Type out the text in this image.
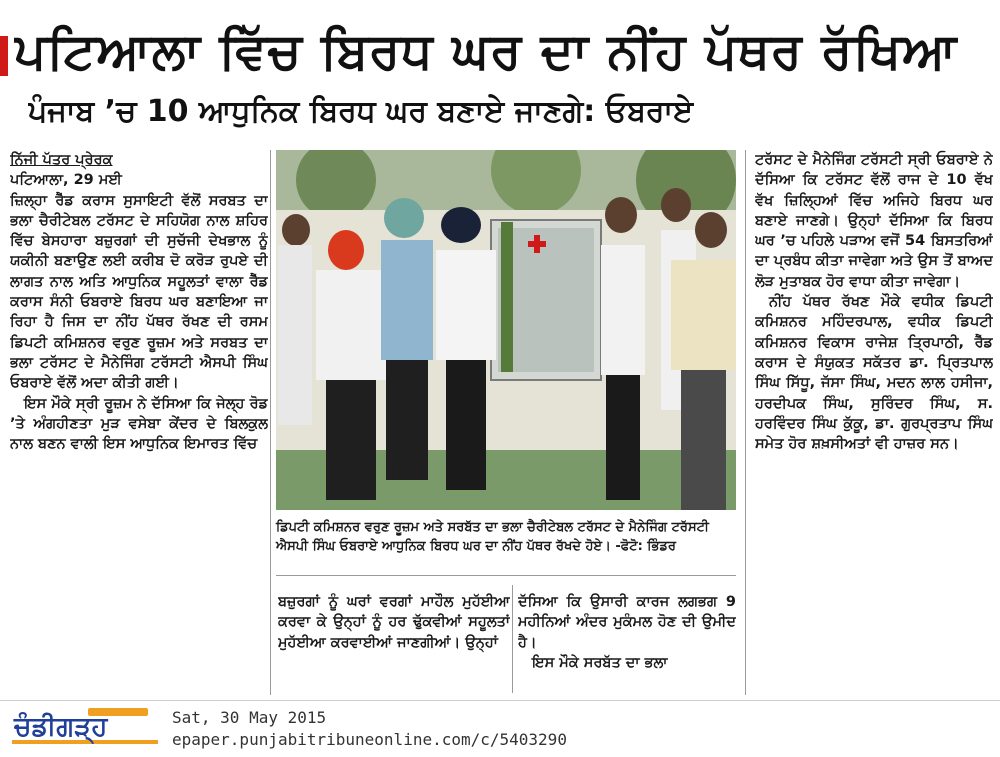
ਪਟਿਆਲਾ ਵਿੱਚ ਬਿਰਧ ਘਰ ਦਾ ਨੀਂਹ ਪੱਥਰ ਰੱਖਿਆ
ਪੰਜਾਬ ’ਚ 10 ਆਧੁਨਿਕ ਬਿਰਧ ਘਰ ਬਣਾਏ ਜਾਣਗੇ: ਓਬਰਾਏ
ਨਿੱਜੀ ਪੱਤਰ ਪ੍ਰੇਰਕ
ਪਟਿਆਲਾ, 29 ਮਈ

ਜ਼ਿਲ੍ਹਾ ਰੈੱਡ ਕਰਾਸ ਸੁਸਾਇਟੀ ਵੱਲੋਂ ਸਰਬਤ ਦਾ ਭਲਾ ਚੈਰੀਟੇਬਲ ਟਰੱਸਟ ਦੇ ਸਹਿਯੋਗ ਨਾਲ ਸ਼ਹਿਰ ਵਿੱਚ ਬੇਸਹਾਰਾ ਬਜ਼ੁਰਗਾਂ ਦੀ ਸੁਚੱਜੀ ਦੇਖਭਾਲ ਨੂੰ ਯਕੀਨੀ ਬਣਾਉਣ ਲਈ ਕਰੀਬ ਦੋ ਕਰੋੜ ਰੁਪਏ ਦੀ ਲਾਗਤ ਨਾਲ ਅਤਿ ਆਧੁਨਿਕ ਸਹੂਲਤਾਂ ਵਾਲਾ ਰੈੱਡ ਕਰਾਸ ਸੰਨੀ ਓਬਰਾਏ ਬਿਰਧ ਘਰ ਬਣਾਇਆ ਜਾ ਰਿਹਾ ਹੈ ਜਿਸ ਦਾ ਨੀਂਹ ਪੱਥਰ ਰੱਖਣ ਦੀ ਰਸਮ ਡਿਪਟੀ ਕਮਿਸ਼ਨਰ ਵਰੁਣ ਰੂਜ਼ਮ ਅਤੇ ਸਰਬਤ ਦਾ ਭਲਾ ਟਰੱਸਟ ਦੇ ਮੈਨੇਜਿੰਗ ਟਰੱਸਟੀ ਐਸਪੀ ਸਿੰਘ ਓਬਰਾਏ ਵੱਲੋਂ ਅਦਾ ਕੀਤੀ ਗਈ।

ਇਸ ਮੌਕੇ ਸ੍ਰੀ ਰੂਜ਼ਮ ਨੇ ਦੱਸਿਆ ਕਿ ਜੇਲ੍ਹ ਰੋਡ ’ਤੇ ਅੰਗਹੀਣਤਾ ਮੁੜ ਵਸੇਬਾ ਕੇਂਦਰ ਦੇ ਬਿਲਕੁਲ ਨਾਲ ਬਣਨ ਵਾਲੀ ਇਸ ਆਧੁਨਿਕ ਇਮਾਰਤ ਵਿੱਚ

ਡਿਪਟੀ ਕਮਿਸ਼ਨਰ ਵਰੁਣ ਰੂਜ਼ਮ ਅਤੇ ਸਰਬੱਤ ਦਾ ਭਲਾ ਚੈਰੀਟੇਬਲ ਟਰੱਸਟ ਦੇ ਮੈਨੇਜਿੰਗ ਟਰੱਸਟੀ ਐਸਪੀ ਸਿੰਘ ਓਬਰਾਏ ਆਧੁਨਿਕ ਬਿਰਧ ਘਰ ਦਾ ਨੀਂਹ ਪੱਥਰ ਰੱਖਦੇ ਹੋਏ। -ਫੋਟੋ: ਭਿੰਡਰ

ਬਜ਼ੁਰਗਾਂ ਨੂੰ ਘਰਾਂ ਵਰਗਾਂ ਮਾਹੌਲ ਮੁਹੱਈਆ ਕਰਵਾ ਕੇ ਉਨ੍ਹਾਂ ਨੂੰ ਹਰ ਢੁੱਕਵੀਆਂ ਸਹੂਲਤਾਂ ਮੁਹੱਈਆ ਕਰਵਾਈਆਂ ਜਾਣਗੀਆਂ। ਉਨ੍ਹਾਂ

ਦੱਸਿਆ ਕਿ ਉਸਾਰੀ ਕਾਰਜ ਲਗਭਗ 9 ਮਹੀਨਿਆਂ ਅੰਦਰ ਮੁਕੰਮਲ ਹੋਣ ਦੀ ਉਮੀਦ ਹੈ।

ਇਸ ਮੌਕੇ ਸਰਬੱਤ ਦਾ ਭਲਾ

ਟਰੱਸਟ ਦੇ ਮੈਨੇਜਿੰਗ ਟਰੱਸਟੀ ਸ੍ਰੀ ਓਬਰਾਏ ਨੇ ਦੱਸਿਆ ਕਿ ਟਰੱਸਟ ਵੱਲੋਂ ਰਾਜ ਦੇ 10 ਵੱਖ ਵੱਖ ਜ਼ਿਲ੍ਹਿਆਂ ਵਿੱਚ ਅਜਿਹੇ ਬਿਰਧ ਘਰ ਬਣਾਏ ਜਾਣਗੇ। ਉਨ੍ਹਾਂ ਦੱਸਿਆ ਕਿ ਬਿਰਧ ਘਰ ’ਚ ਪਹਿਲੇ ਪੜਾਅ ਵਜੋਂ 54 ਬਿਸਤਰਿਆਂ ਦਾ ਪ੍ਰਬੰਧ ਕੀਤਾ ਜਾਵੇਗਾ ਅਤੇ ਉਸ ਤੋਂ ਬਾਅਦ ਲੋੜ ਮੁਤਾਬਕ ਹੋਰ ਵਾਧਾ ਕੀਤਾ ਜਾਵੇਗਾ।

ਨੀਂਹ ਪੱਥਰ ਰੱਖਣ ਮੌਕੇ ਵਧੀਕ ਡਿਪਟੀ ਕਮਿਸ਼ਨਰ ਮਹਿੰਦਰਪਾਲ, ਵਧੀਕ ਡਿਪਟੀ ਕਮਿਸ਼ਨਰ ਵਿਕਾਸ ਰਾਜੇਸ਼ ਤ੍ਰਿਪਾਠੀ, ਰੈੱਡ ਕਰਾਸ ਦੇ ਸੰਯੁਕਤ ਸਕੱਤਰ ਡਾ. ਪ੍ਰਿਤਪਾਲ ਸਿੰਘ ਸਿੱਧੂ, ਜੱਸਾ ਸਿੰਘ, ਮਦਨ ਲਾਲ ਹਸੀਜਾ, ਹਰਦੀਪਕ ਸਿੰਘ, ਸੁਰਿੰਦਰ ਸਿੰਘ, ਸ. ਹਰਵਿੰਦਰ ਸਿੰਘ ਕੁੱਕੂ, ਡਾ. ਗੁਰਪ੍ਰਤਾਪ ਸਿੰਘ ਸਮੇਤ ਹੋਰ ਸ਼ਖ਼ਸੀਅਤਾਂ ਵੀ ਹਾਜ਼ਰ ਸਨ।

ਚੰਡੀਗੜ੍ਹ	Sat, 30 May 2015
epaper.punjabitribuneonline.com/c/5403290
